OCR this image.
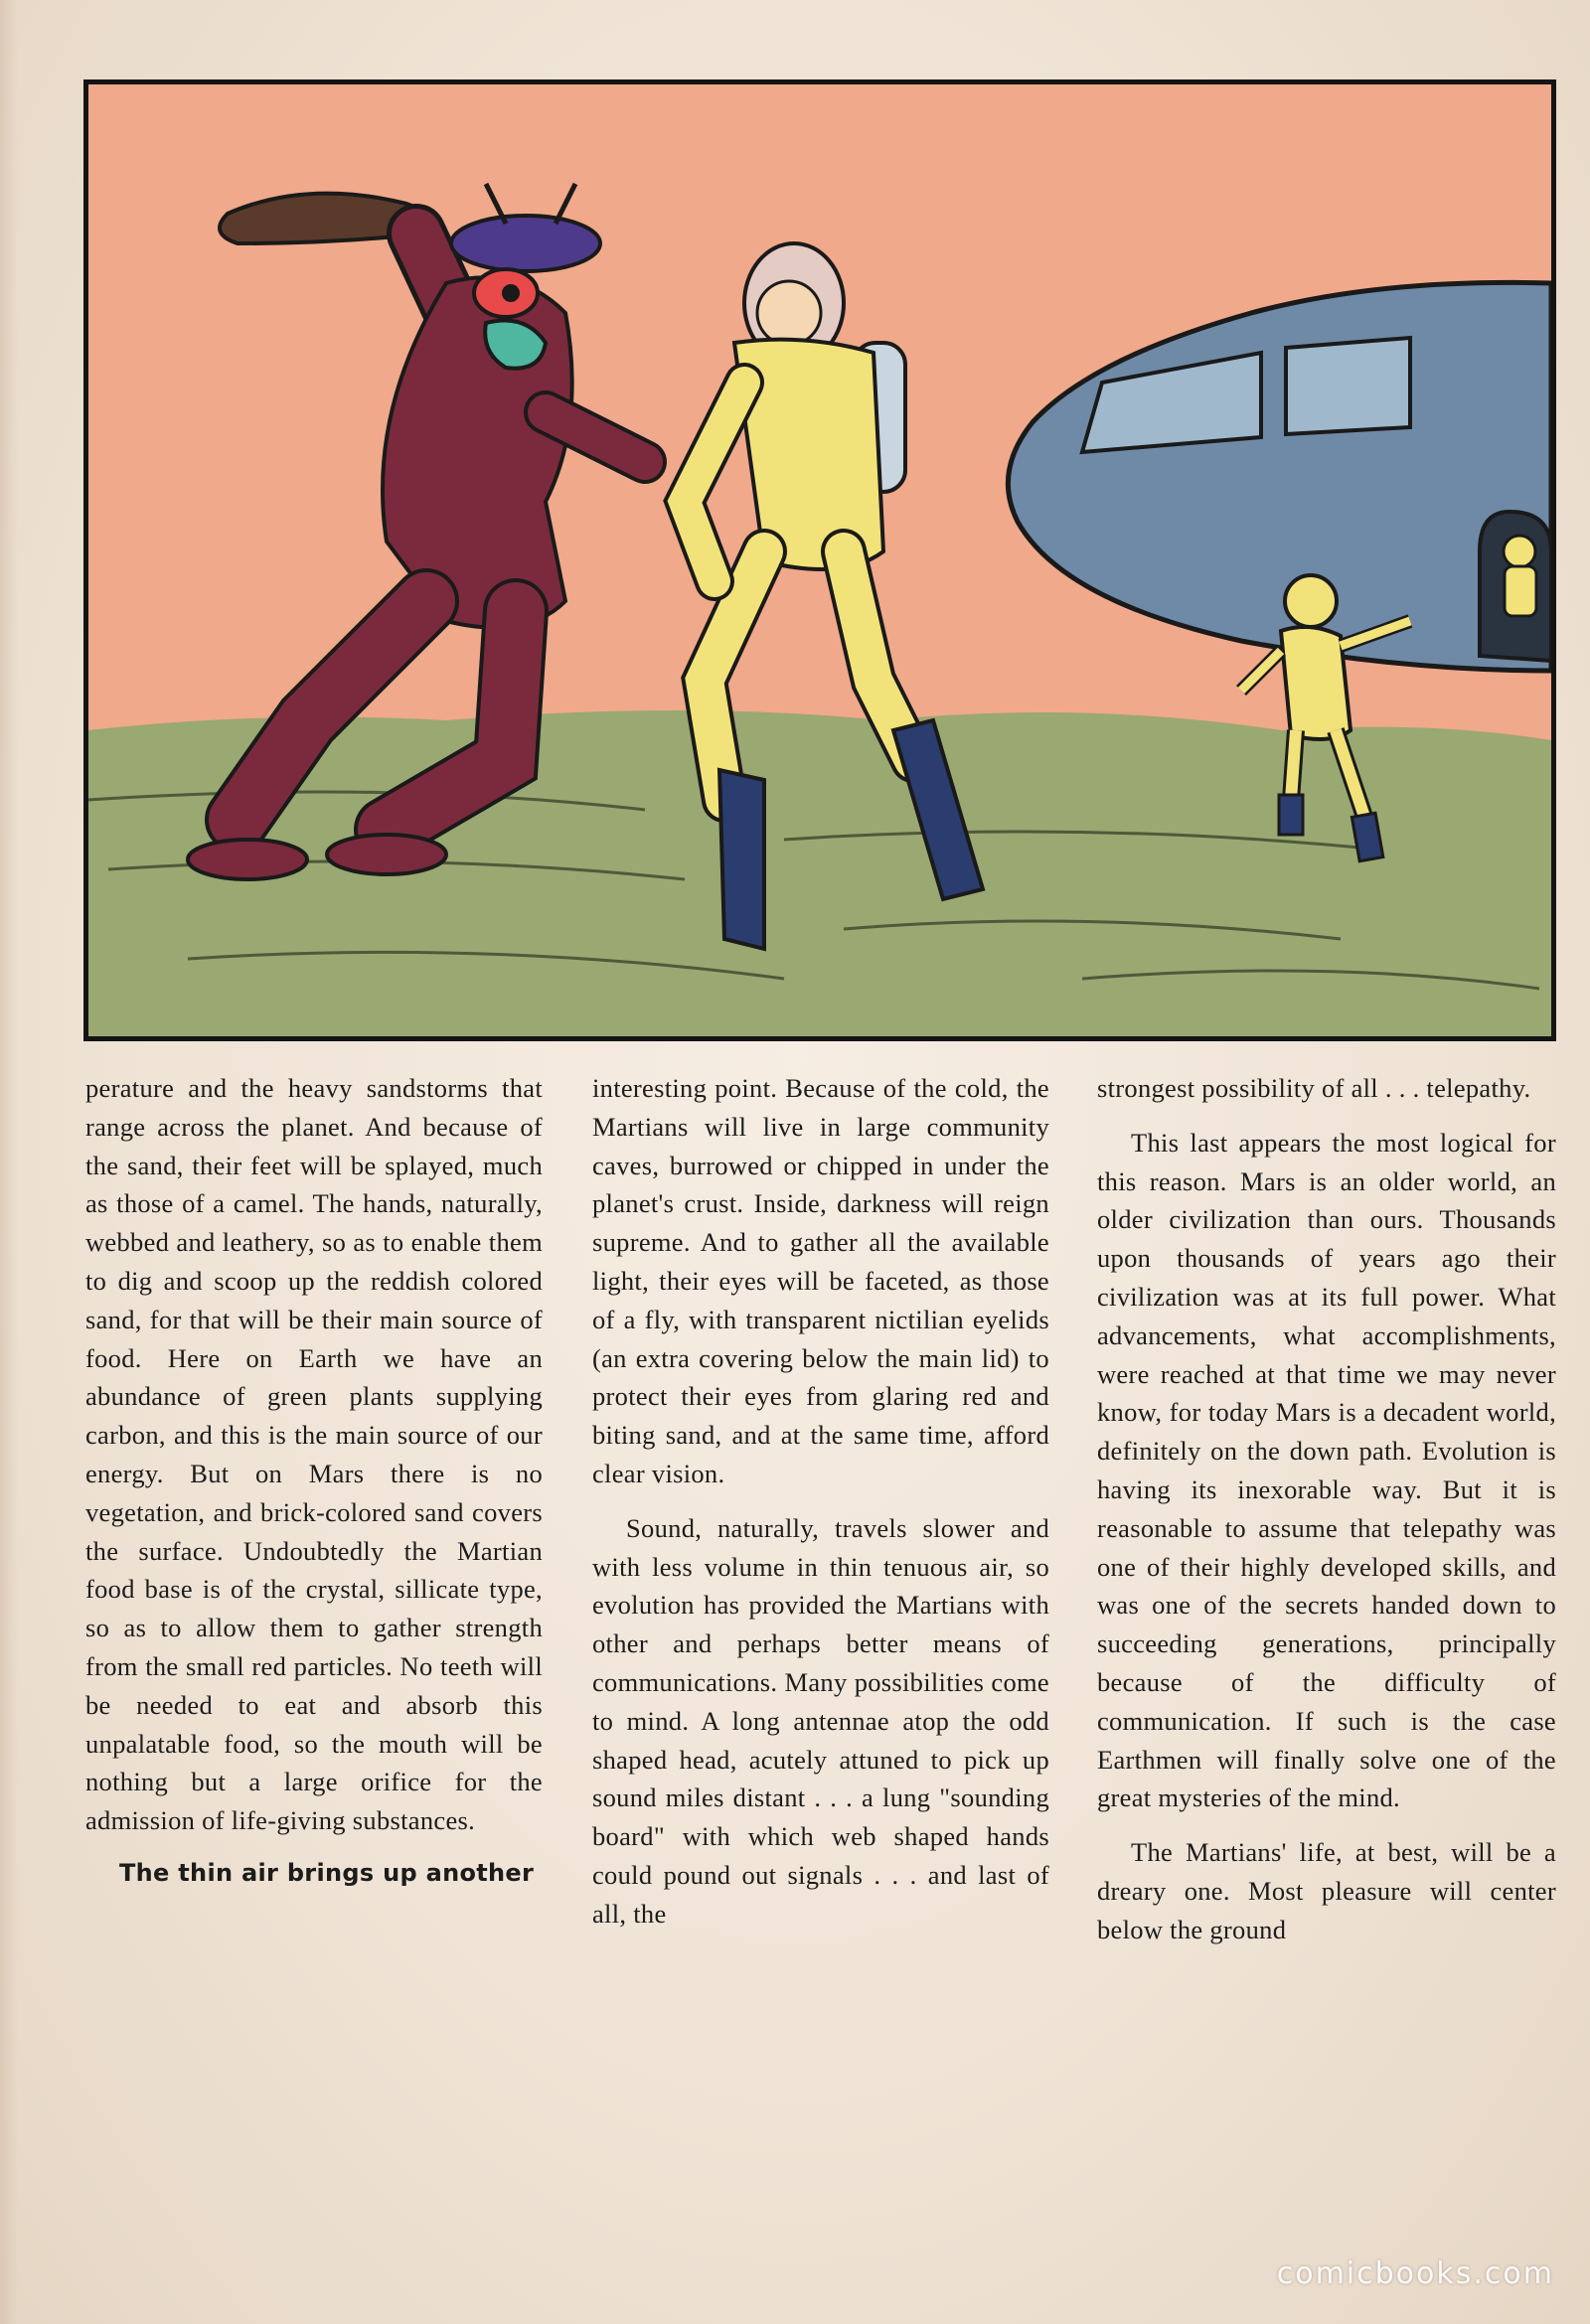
perature and the heavy sandstorms that range across the planet. And because of the sand, their feet will be splayed, much as those of a camel. The hands, naturally, webbed and leathery, so as to enable them to dig and scoop up the reddish colored sand, for that will be their main source of food. Here on Earth we have an abundance of green plants supplying carbon, and this is the main source of our energy. But on Mars there is no vegetation, and brick-colored sand covers the surface. Undoubtedly the Martian food base is of the crystal, sillicate type, so as to allow them to gather strength from the small red particles. No teeth will be needed to eat and absorb this unpalatable food, so the mouth will be nothing but a large orifice for the admission of life-giving substances.

The thin air brings up another

interesting point. Because of the cold, the Martians will live in large community caves, burrowed or chipped in under the planet's crust. Inside, darkness will reign supreme. And to gather all the available light, their eyes will be faceted, as those of a fly, with transparent nictilian eyelids (an extra covering below the main lid) to protect their eyes from glaring red and biting sand, and at the same time, afford clear vision.

Sound, naturally, travels slower and with less volume in thin tenuous air, so evolution has provided the Martians with other and perhaps better means of communications. Many possibilities come to mind. A long antennae atop the odd shaped head, acutely attuned to pick up sound miles distant . . . a lung "sounding board" with which web shaped hands could pound out signals . . . and last of all, the

strongest possibility of all . . . telepathy.

This last appears the most logical for this reason. Mars is an older world, an older civilization than ours. Thousands upon thousands of years ago their civilization was at its full power. What advancements, what accomplishments, were reached at that time we may never know, for today Mars is a decadent world, definitely on the down path. Evolution is having its inexorable way. But it is reasonable to assume that telepathy was one of their highly developed skills, and was one of the secrets handed down to succeeding generations, principally because of the difficulty of communication. If such is the case Earthmen will finally solve one of the great mysteries of the mind.

The Martians' life, at best, will be a dreary one. Most pleasure will center below the ground

comicbooks.com
